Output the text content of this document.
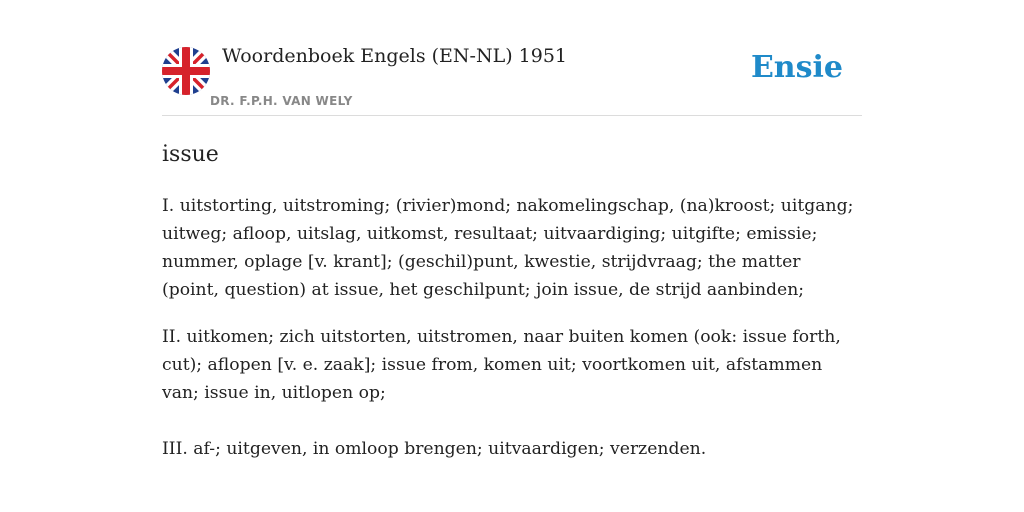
Woordenboek Engels (EN-NL) 1951
DR. F.P.H. VAN WELY
Ensie
issue

I. uitstorting, uitstroming; (rivier)mond; nakomelingschap, (na)kroost; uitgang; uitweg; afloop, uitslag, uitkomst, resultaat; uitvaardiging; uitgifte; emissie; nummer, oplage [v. krant]; (geschil)punt, kwestie, strijdvraag; the matter (point, question) at issue, het geschilpunt; join issue, de strijd aanbinden;

II. uitkomen; zich uitstorten, uitstromen, naar buiten komen (ook: issue forth, cut); aflopen [v. e. zaak]; issue from, komen uit; voortkomen uit, afstammen van; issue in, uitlopen op;

III. af-; uitgeven, in omloop brengen; uitvaardigen; verzenden.
